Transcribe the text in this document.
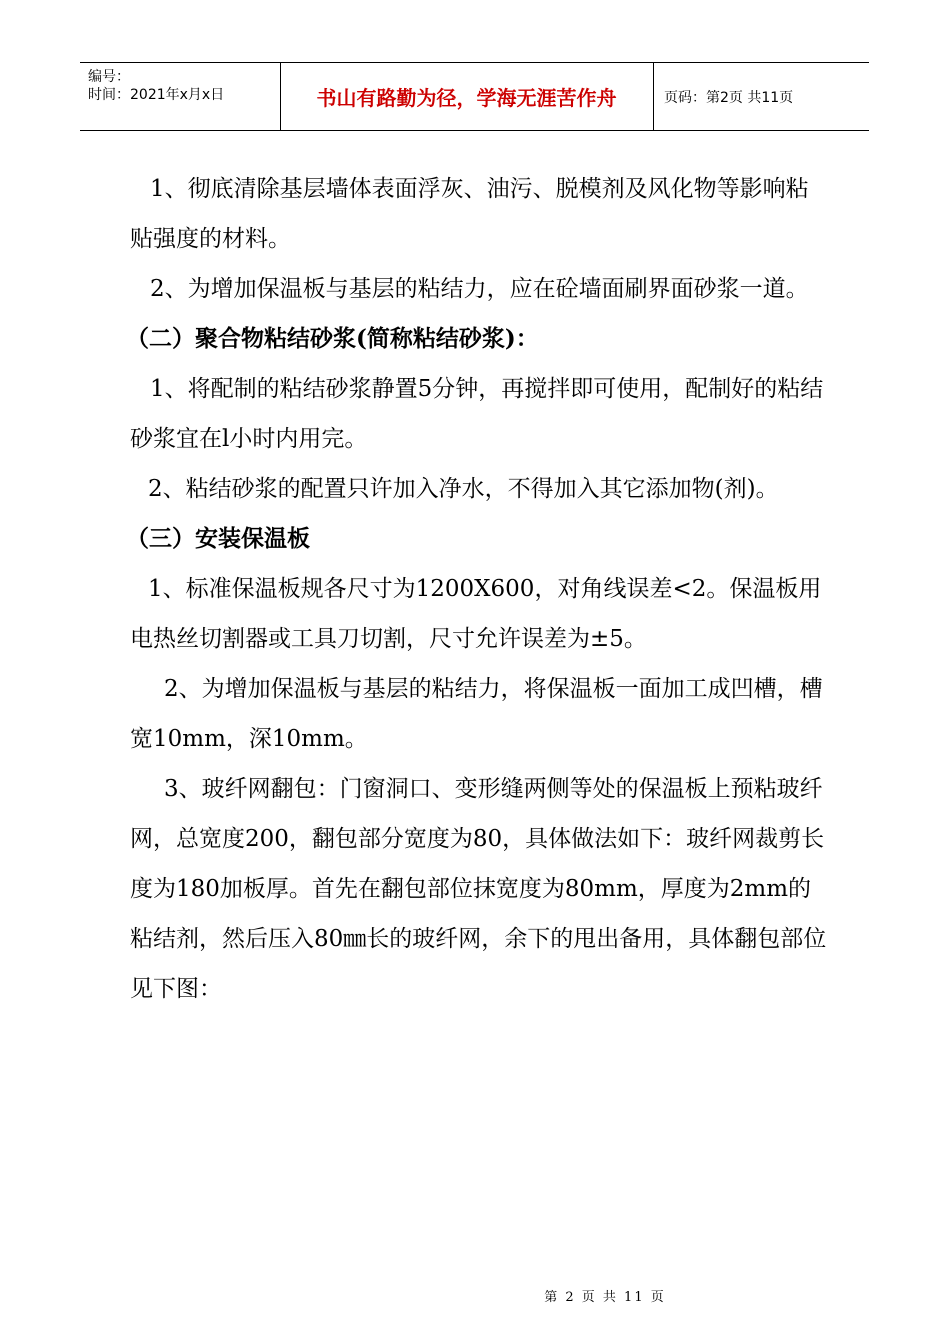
编号：
时间：2021年x月x日	书山有路勤为径，学海无涯苦作舟	页码：第2页 共11页

1、彻底清除基层墙体表面浮灰、油污、脱模剂及风化物等影响粘贴强度的材料。

2、为增加保温板与基层的粘结力，应在砼墙面刷界面砂浆一道。

（二）聚合物粘结砂浆(简称粘结砂浆)：

1、将配制的粘结砂浆静置5分钟，再搅拌即可使用，配制好的粘结砂浆宜在l小时内用完。

2、粘结砂浆的配置只许加入净水，不得加入其它添加物(剂)。

（三）安装保温板

1、标准保温板规各尺寸为1200X600，对角线误差<2。保温板用电热丝切割器或工具刀切割，尺寸允许误差为±5。

2、为增加保温板与基层的粘结力，将保温板一面加工成凹槽，槽宽10mm，深10mm。

3、玻纤网翻包：门窗洞口、变形缝两侧等处的保温板上预粘玻纤网，总宽度200，翻包部分宽度为80，具体做法如下：玻纤网裁剪长度为180加板厚。首先在翻包部位抹宽度为80mm，厚度为2mm的粘结剂，然后压入80㎜长的玻纤网，余下的甩出备用，具体翻包部位见下图：

第 2 页 共 11 页
